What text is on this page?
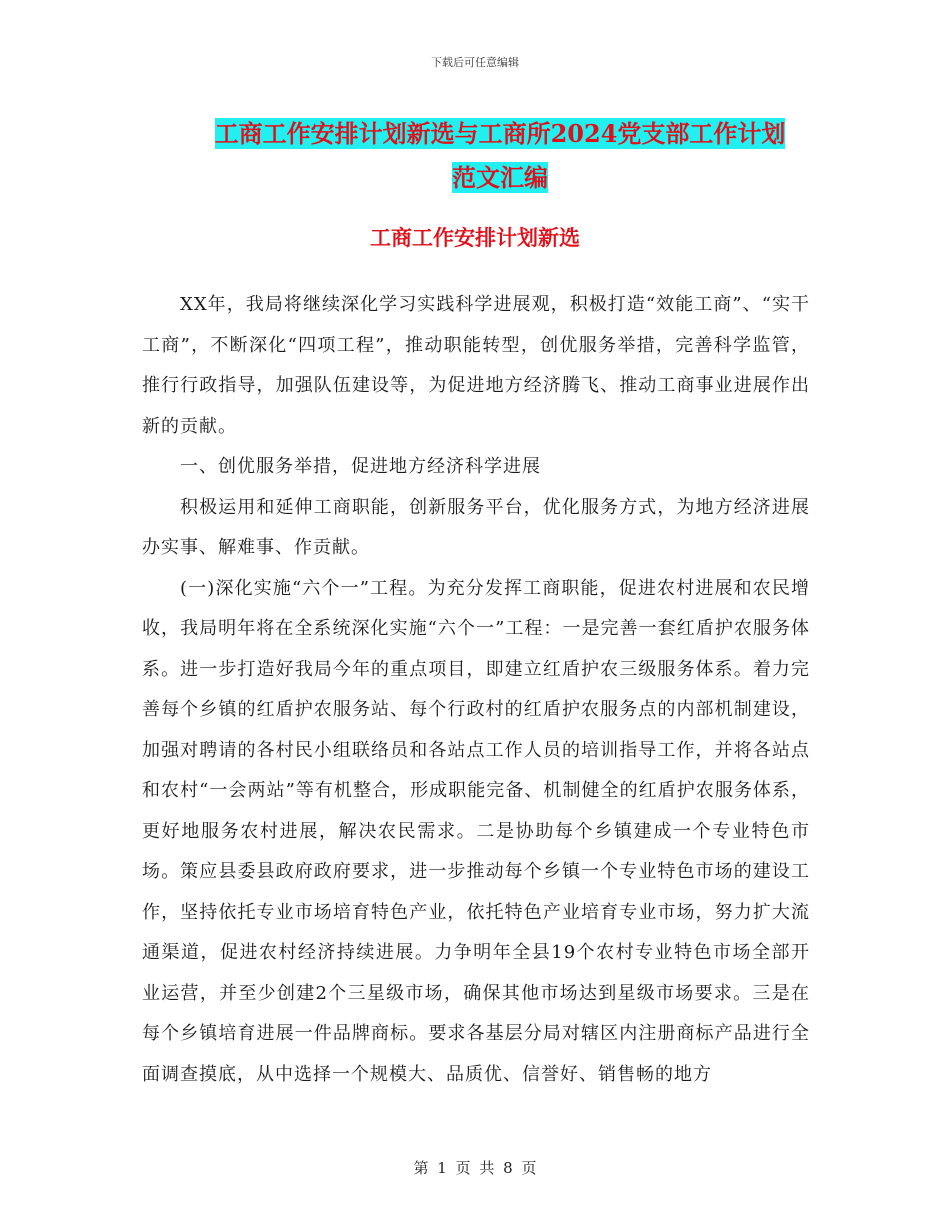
下载后可任意编辑
工商工作安排计划新选与工商所2024党支部工作计划
范文汇编
工商工作安排计划新选

XX年，我局将继续深化学习实践科学进展观，积极打造“效能工商”、“实干工商”，不断深化“四项工程”，推动职能转型，创优服务举措，完善科学监管，推行行政指导，加强队伍建设等，为促进地方经济腾飞、推动工商事业进展作出新的贡献。

一、创优服务举措，促进地方经济科学进展

积极运用和延伸工商职能，创新服务平台，优化服务方式，为地方经济进展办实事、解难事、作贡献。

(一)深化实施“六个一”工程。为充分发挥工商职能，促进农村进展和农民增收，我局明年将在全系统深化实施“六个一”工程：一是完善一套红盾护农服务体系。进一步打造好我局今年的重点项目，即建立红盾护农三级服务体系。着力完善每个乡镇的红盾护农服务站、每个行政村的红盾护农服务点的内部机制建设，加强对聘请的各村民小组联络员和各站点工作人员的培训指导工作，并将各站点和农村“一会两站”等有机整合，形成职能完备、机制健全的红盾护农服务体系，更好地服务农村进展，解决农民需求。二是协助每个乡镇建成一个专业特色市场。策应县委县政府政府要求，进一步推动每个乡镇一个专业特色市场的建设工作，坚持依托专业市场培育特色产业，依托特色产业培育专业市场，努力扩大流通渠道，促进农村经济持续进展。力争明年全县19个农村专业特色市场全部开业运营，并至少创建2个三星级市场，确保其他市场达到星级市场要求。三是在每个乡镇培育进展一件品牌商标。要求各基层分局对辖区内注册商标产品进行全面调查摸底，从中选择一个规模大、品质优、信誉好、销售畅的地方

第 1 页 共 8 页
